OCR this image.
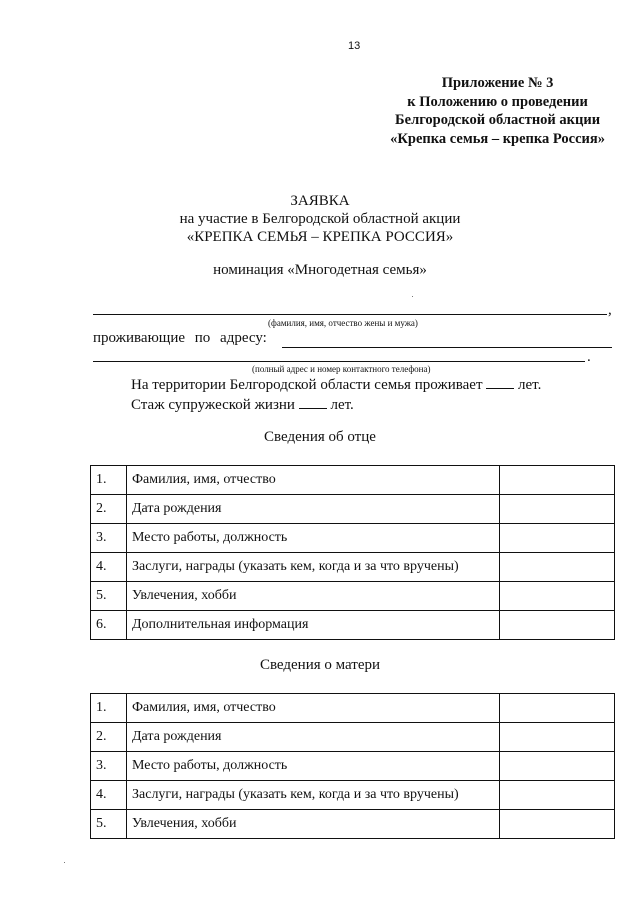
13
Приложение № 3
к Положению о проведении
Белгородской областной акции
«Крепка семья – крепка Россия»
ЗАЯВКА
на участие в Белгородской областной акции
«КРЕПКА СЕМЬЯ – КРЕПКА РОССИЯ»
номинация «Многодетная семья»
,
(фамилия, имя, отчество жены и мужа)
проживающие по адресу:
.
(полный адрес и номер контактного телефона)
На территории Белгородской области семья проживает лет.
Стаж супружеской жизни лет.
Сведения об отце
1.	Фамилия, имя, отчество	
2.	Дата рождения	
3.	Место работы, должность	
4.	Заслуги, награды (указать кем, когда и за что вручены)	
5.	Увлечения, хобби	
6.	Дополнительная информация	
Сведения о матери
1.	Фамилия, имя, отчество	
2.	Дата рождения	
3.	Место работы, должность	
4.	Заслуги, награды (указать кем, когда и за что вручены)	
5.	Увлечения, хобби	
